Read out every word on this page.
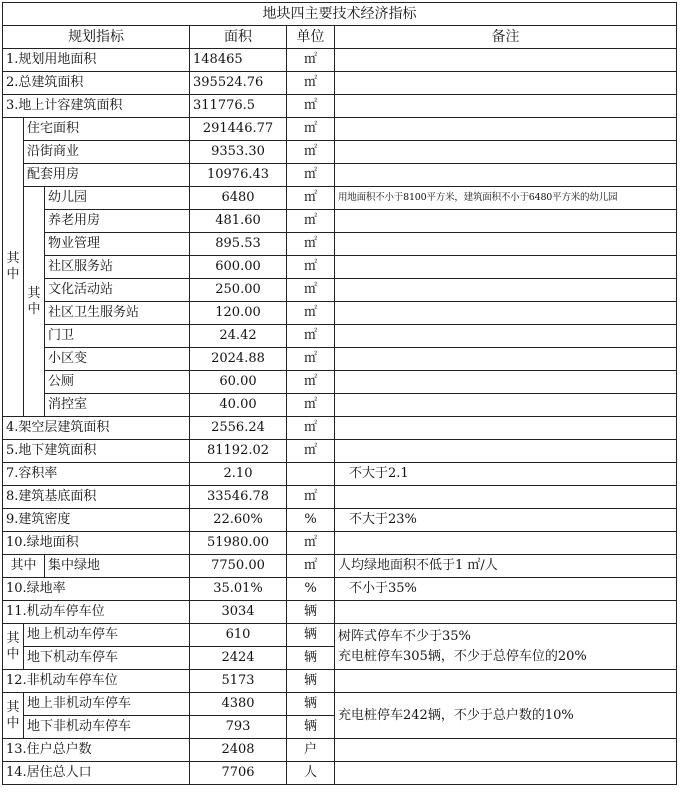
地块四主要技术经济指标					
规划指标			面积	单位	备注
1.规划用地面积			148465	㎡	
2.总建筑面积			395524.76	㎡	
3.地上计容建筑面积			311776.5	㎡	
其中	住宅面积		291446.77	㎡	
	沿街商业		9353.30	㎡	
	配套用房		10976.43	㎡	
	其中	幼儿园	6480	㎡	用地面积不小于8100平方米，建筑面积不小于6480平方米的幼儿园
		养老用房	481.60	㎡	
		物业管理	895.53	㎡	
		社区服务站	600.00	㎡	
		文化活动站	250.00	㎡	
		社区卫生服务站	120.00	㎡	
		门卫	24.42	㎡	
		小区变	2024.88	㎡	
		公厕	60.00	㎡	
		消控室	40.00	㎡	
4.架空层建筑面积			2556.24	㎡	
5.地下建筑面积			81192.02	㎡	
7.容积率			2.10		不大于2.1
8.建筑基底面积			33546.78	㎡	
9.建筑密度			22.60%	%	不大于23%
10.绿地面积			51980.00	㎡	
其中		集中绿地	7750.00	㎡	人均绿地面积不低于1 ㎡/人
10.绿地率			35.01%	%	不小于35%
11.机动车停车位			3034	辆	
其中	地上机动车停车		610	辆	树阵式停车不少于35%
充电桩停车305辆，不少于总停车位的20%

	地下机动车停车		2424	辆	
12.非机动车停车位			5173	辆	
其中	地上非机动车停车		4380	辆	充电桩停车242辆，不少于总户数的10%
	地下非机动车停车		793	辆	
13.住户总户数			2408	户	
14.居住总人口			7706	人	
